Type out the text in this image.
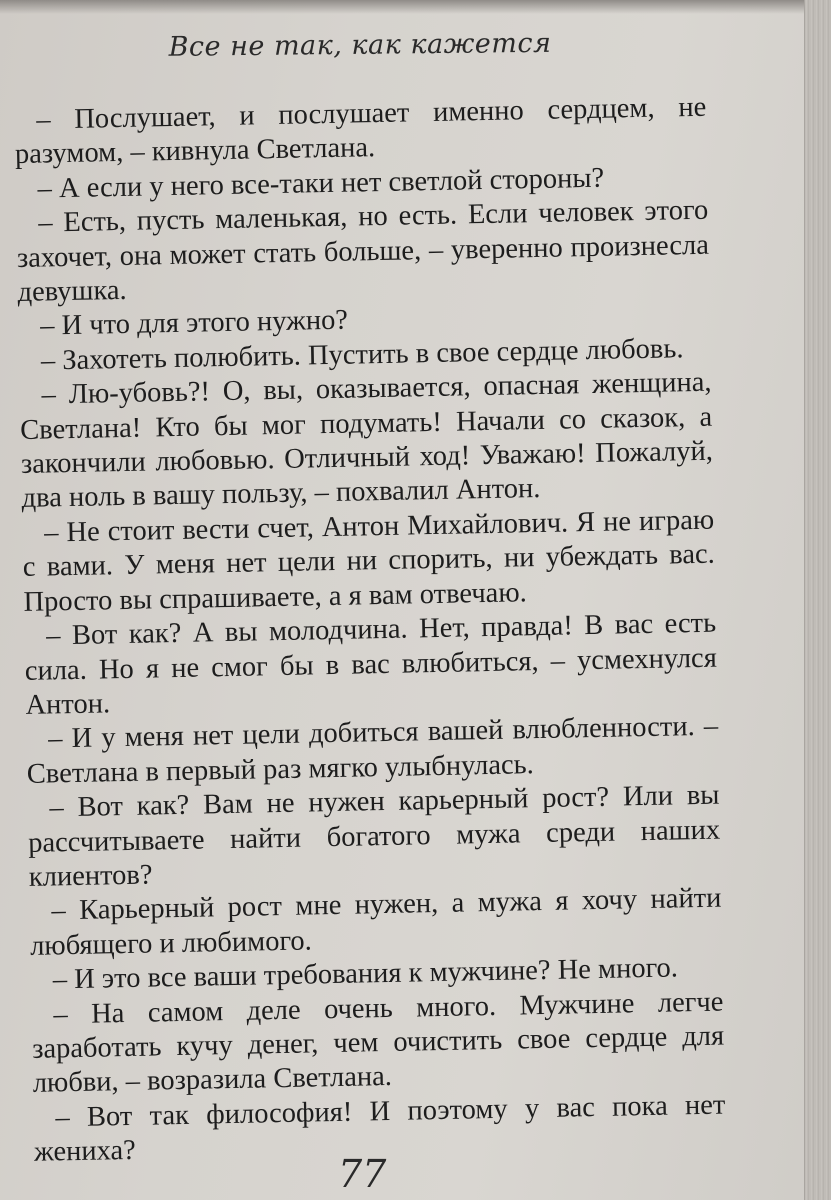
Все не так, как кажется

– Послушает, и послушает именно сердцем, не разумом, – кивнула Светлана.

– А если у него все-таки нет светлой стороны?

– Есть, пусть маленькая, но есть. Если человек этого захочет, она может стать больше, – уверенно произнесла девушка.

– И что для этого нужно?

– Захотеть полюбить. Пустить в свое сердце любовь.

– Лю-убовь?! О, вы, оказывается, опасная женщина, Светлана! Кто бы мог подумать! Начали со сказок, а закончили любовью. Отличный ход! Уважаю! Пожалуй, два ноль в вашу пользу, – похвалил Антон.

– Не стоит вести счет, Антон Михайлович. Я не играю с вами. У меня нет цели ни спорить, ни убеждать вас. Просто вы спрашиваете, а я вам отвечаю.

– Вот как? А вы молодчина. Нет, правда! В вас есть сила. Но я не смог бы в вас влюбиться, – усмехнулся Антон.

– И у меня нет цели добиться вашей влюбленности. – Светлана в первый раз мягко улыбнулась.

– Вот как? Вам не нужен карьерный рост? Или вы рассчитываете найти богатого мужа среди наших клиентов?

– Карьерный рост мне нужен, а мужа я хочу найти любящего и любимого.

– И это все ваши требования к мужчине? Не много.

– На самом деле очень много. Мужчине легче заработать кучу денег, чем очистить свое сердце для любви, – возразила Светлана.

– Вот так философия! И поэтому у вас пока нет жениха?

77
